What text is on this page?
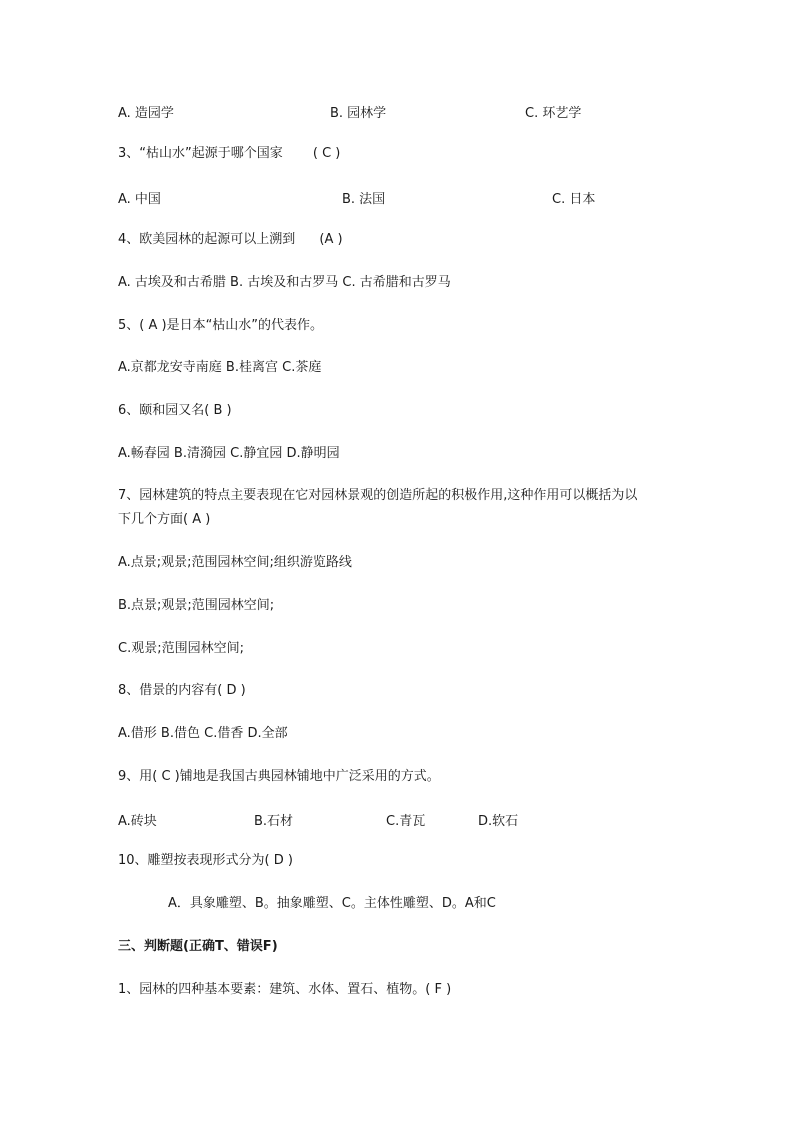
A. 造园学	B. 园林学	C. 环艺学
3、“枯山水”起源于哪个国家 ( C )
A. 中国	B. 法国	C. 日本
4、欧美园林的起源可以上溯到 (A )
A. 古埃及和古希腊 B. 古埃及和古罗马 C. 古希腊和古罗马
5、( A )是日本“枯山水”的代表作。
A.京都龙安寺南庭 B.桂离宫 C.茶庭
6、颐和园又名( B )
A.畅春园 B.清漪园 C.静宜园 D.静明园
7、园林建筑的特点主要表现在它对园林景观的创造所起的积极作用,这种作用可以概括为以
下几个方面( A )
A.点景;观景;范围园林空间;组织游览路线
B.点景;观景;范围园林空间;
C.观景;范围园林空间;
8、借景的内容有( D )
A.借形 B.借色 C.借香 D.全部
9、用( C )铺地是我国古典园林铺地中广泛采用的方式。
A.砖块	B.石材	C.青瓦	D.软石
10、雕塑按表现形式分为( D )
A．具象雕塑、B。抽象雕塑、C。主体性雕塑、D。A和C
三、判断题(正确T、错误F)
1、园林的四种基本要素：建筑、水体、置石、植物。( F )
